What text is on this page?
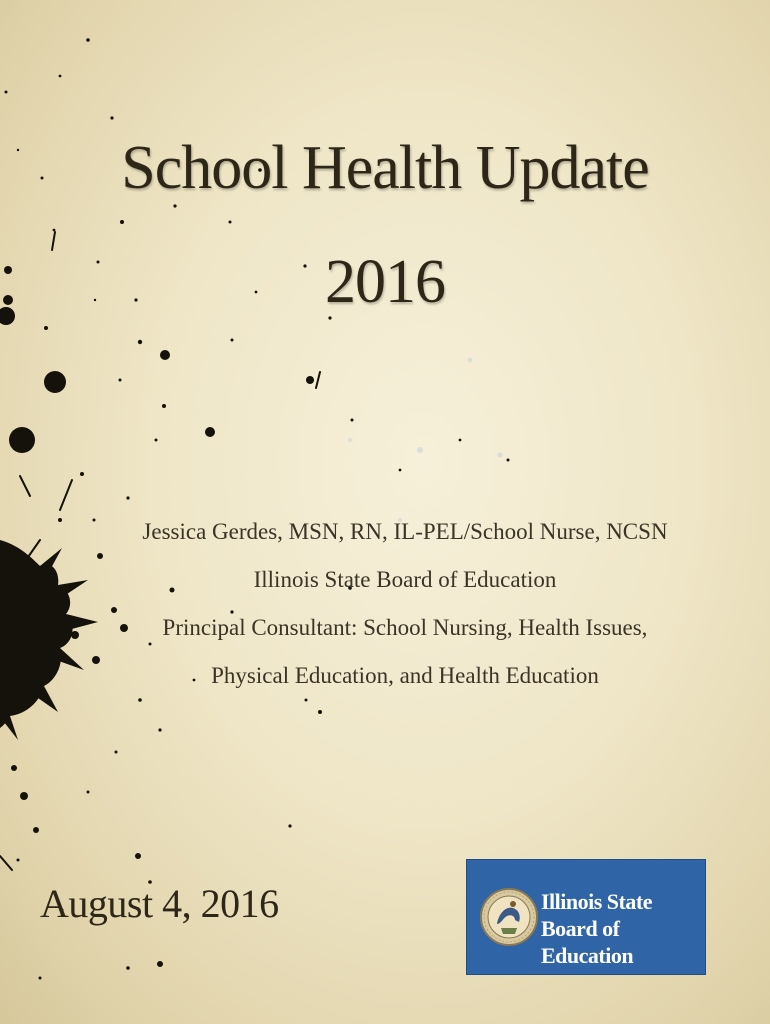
School Health Update
2016
Jessica Gerdes, MSN, RN, IL-PEL/School Nurse, NCSN
Illinois State Board of Education
Principal Consultant: School Nursing, Health Issues,
Physical Education, and Health Education
August 4, 2016	Illinois State
Board of Education
